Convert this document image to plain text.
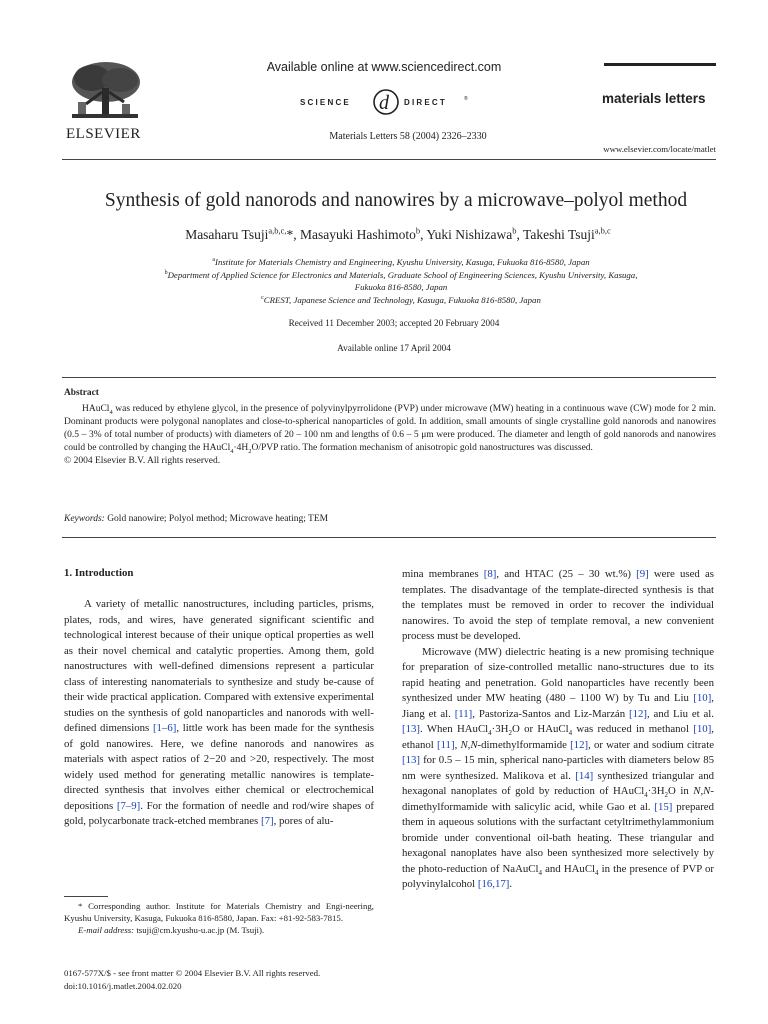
ELSEVIER
Available online at www.sciencedirect.com
SCIENCE d DIRECT	®
Materials Letters 58 (2004) 2326–2330
materials letters
www.elsevier.com/locate/matlet
Synthesis of gold nanorods and nanowires by a microwave–polyol method
Masaharu Tsuji$^{a,b,c,}$*, Masayuki Hashimoto$^b$, Yuki Nishizawa$^b$, Takeshi Tsuji$^{a,b,c}$
$^a$Institute for Materials Chemistry and Engineering, Kyushu University, Kasuga, Fukuoka 816-8580, Japan
$^b$Department of Applied Science for Electronics and Materials, Graduate School of Engineering Sciences, Kyushu University, Kasuga,
Fukuoka 816-8580, Japan
$^c$CREST, Japanese Science and Technology, Kasuga, Fukuoka 816-8580, Japan
Received 11 December 2003; accepted 20 February 2004
Available online 17 April 2004
Abstract

HAuCl$_4$ was reduced by ethylene glycol, in the presence of polyvinylpyrrolidone (PVP) under microwave (MW) heating in a continuous wave (CW) mode for 2 min. Dominant products were polygonal nanoplates and close-to-spherical nanoparticles of gold. In addition, small amounts of single crystalline gold nanorods and nanowires (0.5 – 3% of total number of products) with diameters of 20 – 100 nm and lengths of 0.6 – 5 μm were produced. The diameter and length of gold nanorods and nanowires could be controlled by changing the $HAuCl_4\cdot 4H_2O$/PVP ratio. The formation mechanism of anisotropic gold nanostructures was discussed.

© 2004 Elsevier B.V. All rights reserved.

Keywords: Gold nanowire; Polyol method; Microwave heating; TEM
1. Introduction

A variety of metallic nanostructures, including particles, prisms, plates, rods, and wires, have generated significant scientific and technological interest because of their unique optical properties as well as their novel chemical and catalytic properties. Among them, gold nanostructures with well-defined dimensions represent a particular class of interesting nanomaterials to synthesize and study be-cause of their wide practical application. Compared with extensive experimental studies on the synthesis of gold nanoparticles and nanorods with well-defined dimensions [1–6], little work has been made for the synthesis of gold nanowires. Here, we define nanorods and nanowires as materials with aspect ratios of 2−20 and >20, respectively. The most widely used method for generating metallic nanowires is template-directed synthesis that involves either chemical or electrochemical depositions [7–9]. For the formation of needle and rod/wire shapes of gold, polycarbonate track-etched membranes [7], pores of alu-

mina membranes [8], and HTAC (25 – 30 wt.%) [9] were used as templates. The disadvantage of the template-directed synthesis is that the templates must be removed in order to recover the individual nanowires. To avoid the step of template removal, a new convenient process must be developed.

Microwave (MW) dielectric heating is a new promising technique for preparation of size-controlled metallic nano-structures due to its rapid heating and penetration. Gold nanoparticles have recently been synthesized under MW heating (480 – 1100 W) by Tu and Liu [10], Jiang et al. [11], Pastoriza-Santos and Liz-Marzán [12], and Liu et al. [13]. When $HAuCl_4\cdot 3H_2O$ or HAuCl$_4$ was reduced in methanol [10], ethanol [11], N,N-dimethylformamide [12], or water and sodium citrate [13] for 0.5 – 15 min, spherical nano-particles with diameters below 85 nm were synthesized. Malikova et al. [14] synthesized triangular and hexagonal nanoplates of gold by reduction of $HAuCl_4\cdot 3H_2O$ in N,N-dimethylformamide with salicylic acid, while Gao et al. [15] prepared them in aqueous solutions with the surfactant cetyltrimethylammonium bromide under conventional oil-bath heating. These triangular and hexagonal nanoplates have also been synthesized more selectively by the photo-reduction of NaAuCl$_4$ and HAuCl$_4$ in the presence of PVP or polyvinylalcohol [16,17].

* Corresponding author. Institute for Materials Chemistry and Engi-neering, Kyushu University, Kasuga, Fukuoka 816-8580, Japan. Fax: +81-92-583-7815.

E-mail address: tsuji@cm.kyushu-u.ac.jp (M. Tsuji).

0167-577X/$ - see front matter © 2004 Elsevier B.V. All rights reserved.
doi:10.1016/j.matlet.2004.02.020
